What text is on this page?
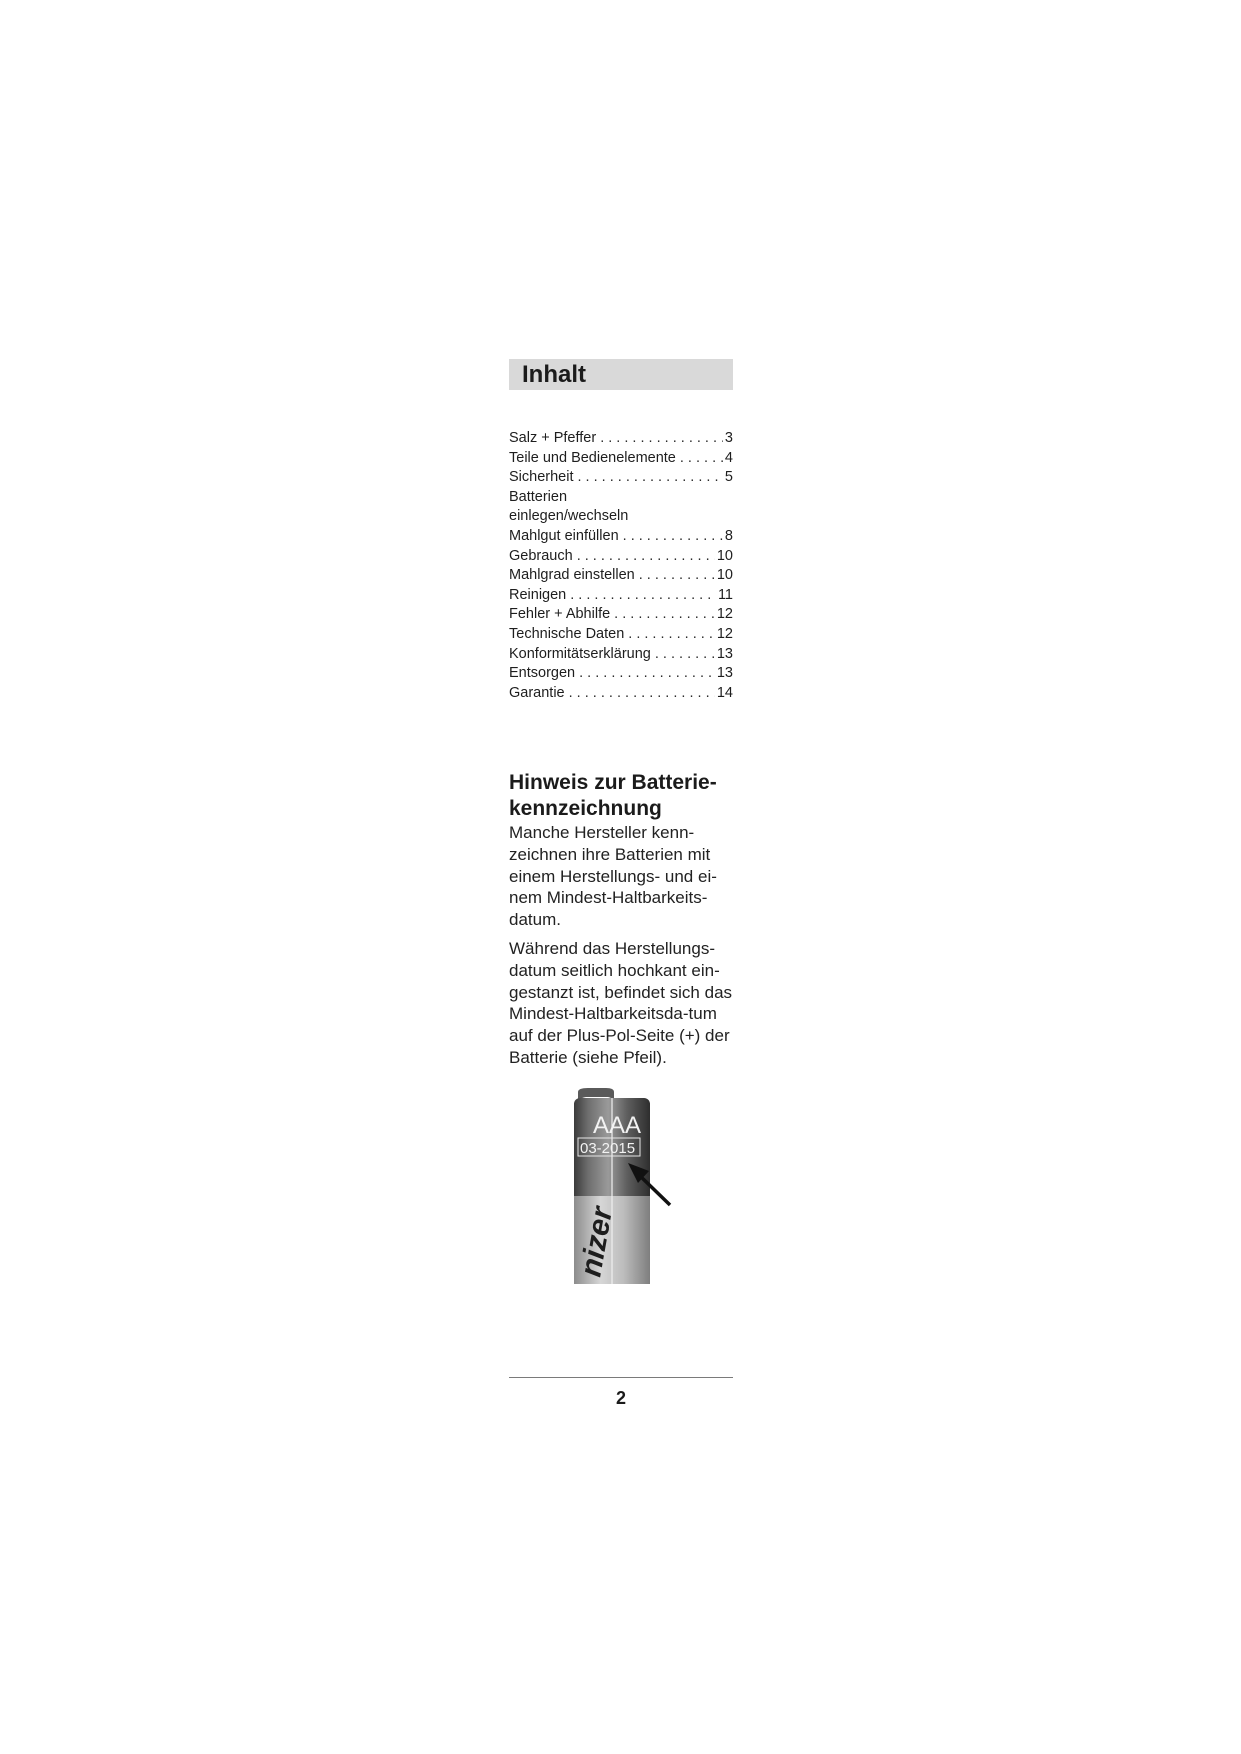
Inhalt
Salz + Pfeffer . . .	3
Teile und Bedienelemente . . .	4
Sicherheit . . .	5
Batterien
einlegen/wechseln
Mahlgut einfüllen . . .	8
Gebrauch . . .	10
Mahlgrad einstellen . . .	10
Reinigen . . .	11
Fehler + Abhilfe . . .	12
Technische Daten . . .	12
Konformitätserklärung . . .	13
Entsorgen . . .	13
Garantie . . .	14
Hinweis zur Batterie-kennzeichnung

Manche Hersteller kenn-zeichnen ihre Batterien mit einem Herstellungs- und ei-nem Mindest-Haltbarkeits-datum.

Während das Herstellungs-datum seitlich hochkant ein-gestanzt ist, befindet sich das Mindest-Haltbarkeitsda-tum auf der Plus-Pol-Seite (+) der Batterie (siehe Pfeil).

AAA
03-2015
nizer
2
